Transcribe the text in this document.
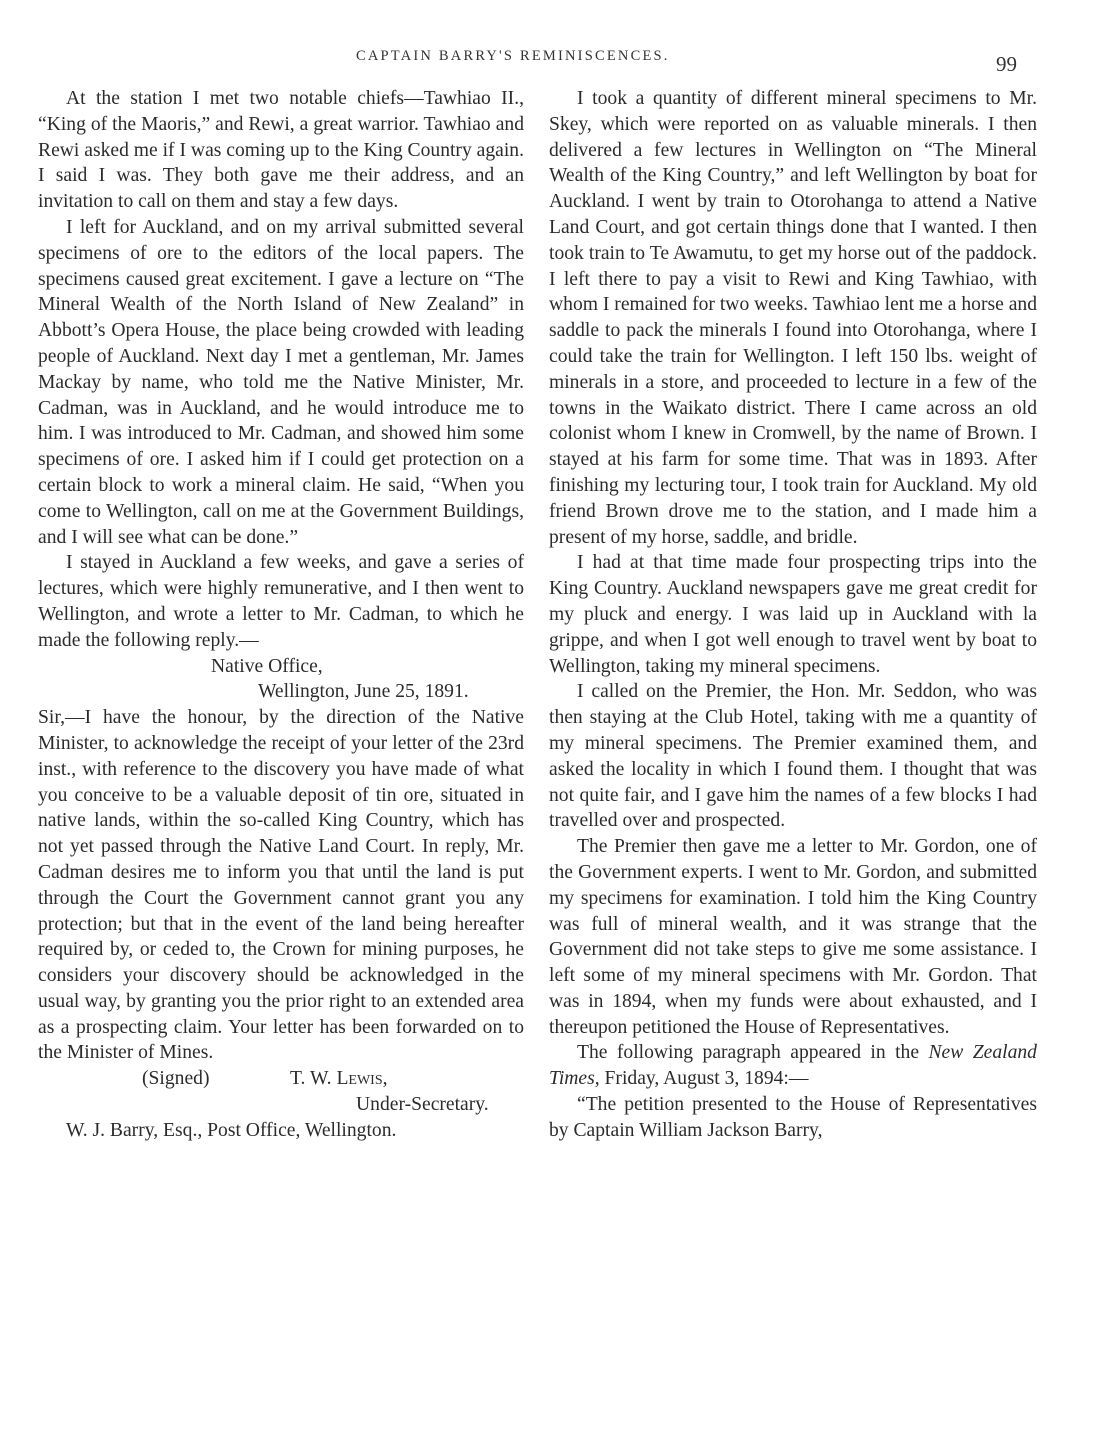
CAPTAIN BARRY'S REMINISCENCES.	99

At the station I met two notable chiefs—Tawhiao II., “King of the Maoris,” and Rewi, a great warrior. Tawhiao and Rewi asked me if I was coming up to the King Country again. I said I was. They both gave me their address, and an invitation to call on them and stay a few days.

I left for Auckland, and on my arrival submitted several specimens of ore to the editors of the local papers. The specimens caused great excitement. I gave a lecture on “The Mineral Wealth of the North Island of New Zealand” in Abbott’s Opera House, the place being crowded with leading people of Auckland. Next day I met a gentleman, Mr. James Mackay by name, who told me the Native Minister, Mr. Cadman, was in Auckland, and he would introduce me to him. I was introduced to Mr. Cadman, and showed him some specimens of ore. I asked him if I could get protection on a certain block to work a mineral claim. He said, “When you come to Wellington, call on me at the Government Buildings, and I will see what can be done.”

I stayed in Auckland a few weeks, and gave a series of lectures, which were highly remunerative, and I then went to Wellington, and wrote a letter to Mr. Cadman, to which he made the following reply.—

Native Office,

Wellington, June 25, 1891.

Sir,—I have the honour, by the direction of the Native Minister, to acknowledge the receipt of your letter of the 23rd inst., with reference to the discovery you have made of what you conceive to be a valuable deposit of tin ore, situated in native lands, within the so-called King Country, which has not yet passed through the Native Land Court. In reply, Mr. Cadman desires me to inform you that until the land is put through the Court the Government cannot grant you any protection; but that in the event of the land being hereafter required by, or ceded to, the Crown for mining purposes, he considers your discovery should be acknowledged in the usual way, by granting you the prior right to an extended area as a prospecting claim. Your letter has been forwarded on to the Minister of Mines.

(Signed)	T. W. Lewis,

Under-Secretary.

W. J. Barry, Esq., Post Office, Wellington.

I took a quantity of different mineral specimens to Mr. Skey, which were reported on as valuable minerals. I then delivered a few lectures in Wellington on “The Mineral Wealth of the King Country,” and left Wellington by boat for Auckland. I went by train to Otorohanga to attend a Native Land Court, and got certain things done that I wanted. I then took train to Te Awamutu, to get my horse out of the paddock. I left there to pay a visit to Rewi and King Tawhiao, with whom I remained for two weeks. Tawhiao lent me a horse and saddle to pack the minerals I found into Otorohanga, where I could take the train for Wellington. I left 150 lbs. weight of minerals in a store, and proceeded to lecture in a few of the towns in the Waikato district. There I came across an old colonist whom I knew in Cromwell, by the name of Brown. I stayed at his farm for some time. That was in 1893. After finishing my lecturing tour, I took train for Auckland. My old friend Brown drove me to the station, and I made him a present of my horse, saddle, and bridle.

I had at that time made four prospecting trips into the King Country. Auckland newspapers gave me great credit for my pluck and energy. I was laid up in Auckland with la grippe, and when I got well enough to travel went by boat to Wellington, taking my mineral specimens.

I called on the Premier, the Hon. Mr. Seddon, who was then staying at the Club Hotel, taking with me a quantity of my mineral specimens. The Premier examined them, and asked the locality in which I found them. I thought that was not quite fair, and I gave him the names of a few blocks I had travelled over and prospected.

The Premier then gave me a letter to Mr. Gordon, one of the Government experts. I went to Mr. Gordon, and submitted my specimens for examination. I told him the King Country was full of mineral wealth, and it was strange that the Government did not take steps to give me some assistance. I left some of my mineral specimens with Mr. Gordon. That was in 1894, when my funds were about exhausted, and I thereupon petitioned the House of Representatives.

The following paragraph appeared in the New Zealand Times, Friday, August 3, 1894:—

“The petition presented to the House of Representatives by Captain William Jackson Barry,
